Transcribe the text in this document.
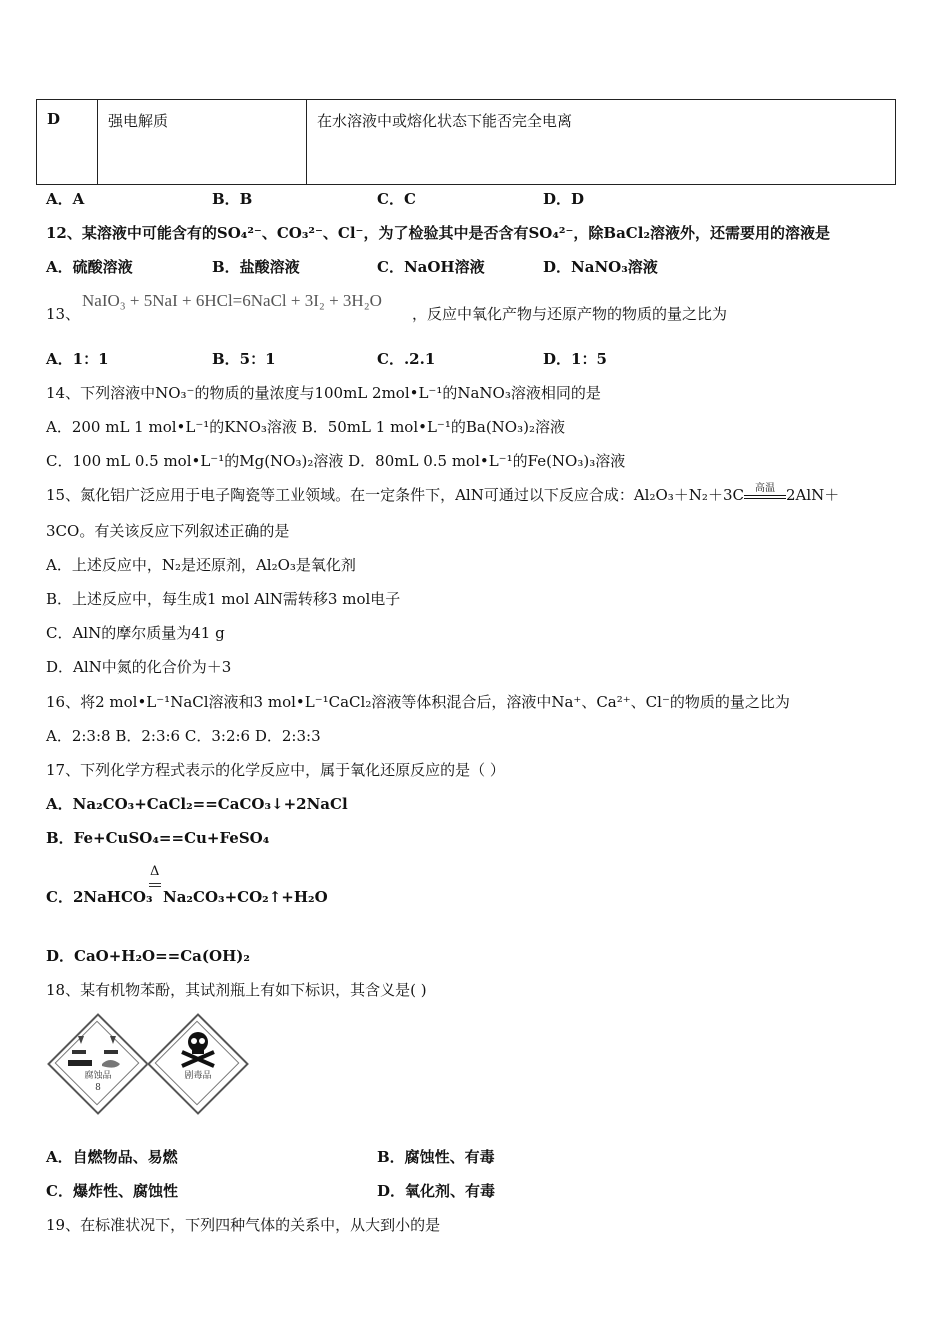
D	强电解质	在水溶液中或熔化状态下能否完全电离
A．A	B．B	C．C	D．D
12、某溶液中可能含有的SO₄²⁻、CO₃²⁻、Cl⁻，为了检验其中是否含有SO₄²⁻，除BaCl₂溶液外，还需要用的溶液是
A．硫酸溶液	B．盐酸溶液	C．NaOH溶液	D．NaNO₃溶液
13、
NaIO₃ + 5NaI + 6HCl=6NaCl + 3I₂ + 3H₂O
，反应中氧化产物与还原产物的物质的量之比为
A．1：1	B．5：1	C．.2.1	D．1：5
14、下列溶液中NO₃⁻的物质的量浓度与100mL 2mol•L⁻¹的NaNO₃溶液相同的是
A．200 mL 1 mol•L⁻¹的KNO₃溶液 B．50mL 1 mol•L⁻¹的Ba(NO₃)₂溶液
C．100 mL 0.5 mol•L⁻¹的Mg(NO₃)₂溶液 D．80mL 0.5 mol•L⁻¹的Fe(NO₃)₃溶液
15、氮化铝广泛应用于电子陶瓷等工业领域。在一定条件下，AlN可通过以下反应合成：Al₂O₃＋N₂＋3C	高温 2AlN＋
3CO。有关该反应下列叙述正确的是
A．上述反应中，N₂是还原剂，Al₂O₃是氧化剂
B．上述反应中，每生成1 mol AlN需转移3 mol电子
C．AlN的摩尔质量为41 g
D．AlN中氮的化合价为＋3
16、将2 mol•L⁻¹NaCl溶液和3 mol•L⁻¹CaCl₂溶液等体积混合后，溶液中Na⁺、Ca²⁺、Cl⁻的物质的量之比为
A．2:3:8 B．2:3:6 C．3:2:6 D．2:3:3
17、下列化学方程式表示的化学反应中，属于氧化还原反应的是（ ）
A．Na₂CO₃+CaCl₂==CaCO₃↓+2NaCl
B．Fe+CuSO₄==Cu+FeSO₄
C．2NaHCO₃
Δ
Na₂CO₃+CO₂↑+H₂O
D．CaO+H₂O==Ca(OH)₂
18、某有机物苯酚，其试剂瓶上有如下标识，其含义是( )
腐蚀品
8
剧毒品
A．自燃物品、易燃	B．腐蚀性、有毒
C．爆炸性、腐蚀性	D．氧化剂、有毒
19、在标准状况下，下列四种气体的关系中，从大到小的是
